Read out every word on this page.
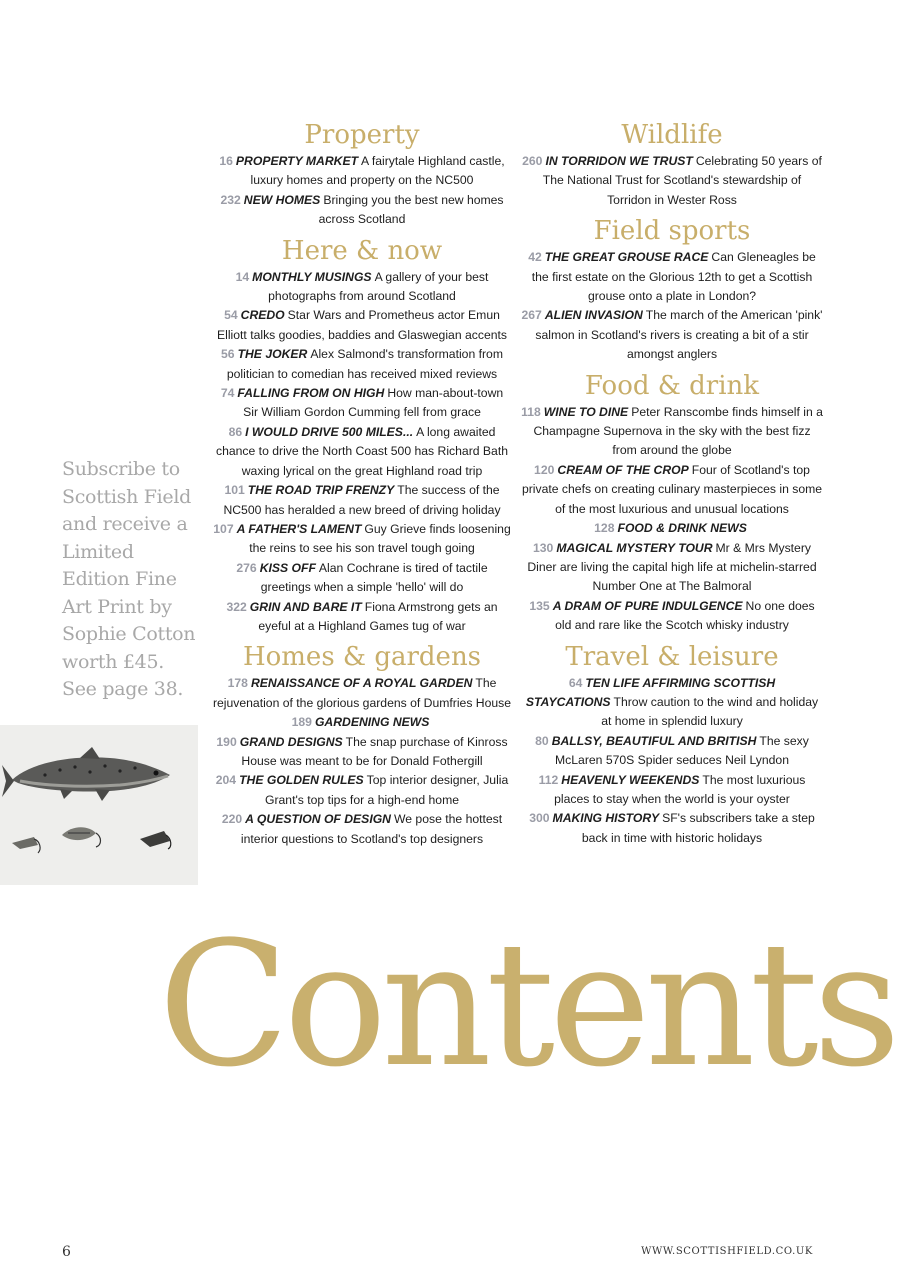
Property

16 PROPERTY MARKET A fairytale Highland castle, luxury homes and property on the NC500

232 NEW HOMES Bringing you the best new homes across Scotland

Here & now

14 MONTHLY MUSINGS A gallery of your best photographs from around Scotland

54 CREDO Star Wars and Prometheus actor Emun Elliott talks goodies, baddies and Glaswegian accents

56 THE JOKER Alex Salmond's transformation from politician to comedian has received mixed reviews

74 FALLING FROM ON HIGH How man-about-town Sir William Gordon Cumming fell from grace

86 I WOULD DRIVE 500 MILES... A long awaited chance to drive the North Coast 500 has Richard Bath waxing lyrical on the great Highland road trip

101 THE ROAD TRIP FRENZY The success of the NC500 has heralded a new breed of driving holiday

107 A FATHER'S LAMENT Guy Grieve finds loosening the reins to see his son travel tough going

276 KISS OFF Alan Cochrane is tired of tactile greetings when a simple 'hello' will do

322 GRIN AND BARE IT Fiona Armstrong gets an eyeful at a Highland Games tug of war

Homes & gardens

178 RENAISSANCE OF A ROYAL GARDEN The rejuvenation of the glorious gardens of Dumfries House

189 GARDENING NEWS

190 GRAND DESIGNS The snap purchase of Kinross House was meant to be for Donald Fothergill

204 THE GOLDEN RULES Top interior designer, Julia Grant's top tips for a high-end home

220 A QUESTION OF DESIGN We pose the hottest interior questions to Scotland's top designers

Wildlife

260 IN TORRIDON WE TRUST Celebrating 50 years of The National Trust for Scotland's stewardship of Torridon in Wester Ross

Field sports

42 THE GREAT GROUSE RACE Can Gleneagles be the first estate on the Glorious 12th to get a Scottish grouse onto a plate in London?

267 ALIEN INVASION The march of the American 'pink' salmon in Scotland's rivers is creating a bit of a stir amongst anglers

Food & drink

118 WINE TO DINE Peter Ranscombe finds himself in a Champagne Supernova in the sky with the best fizz from around the globe

120 CREAM OF THE CROP Four of Scotland's top private chefs on creating culinary masterpieces in some of the most luxurious and unusual locations

128 FOOD & DRINK NEWS

130 MAGICAL MYSTERY TOUR Mr & Mrs Mystery Diner are living the capital high life at michelin-starred Number One at The Balmoral

135 A DRAM OF PURE INDULGENCE No one does old and rare like the Scotch whisky industry

Travel & leisure

64 TEN LIFE AFFIRMING SCOTTISH STAYCATIONS Throw caution to the wind and holiday at home in splendid luxury

80 BALLSY, BEAUTIFUL AND BRITISH The sexy McLaren 570S Spider seduces Neil Lyndon

112 HEAVENLY WEEKENDS The most luxurious places to stay when the world is your oyster

300 MAKING HISTORY SF's subscribers take a step back in time with historic holidays

Subscribe to Scottish Field and receive a Limited Edition Fine Art Print by Sophie Cotton worth £45. See page 38.
Contents
6	WWW.SCOTTISHFIELD.CO.UK
